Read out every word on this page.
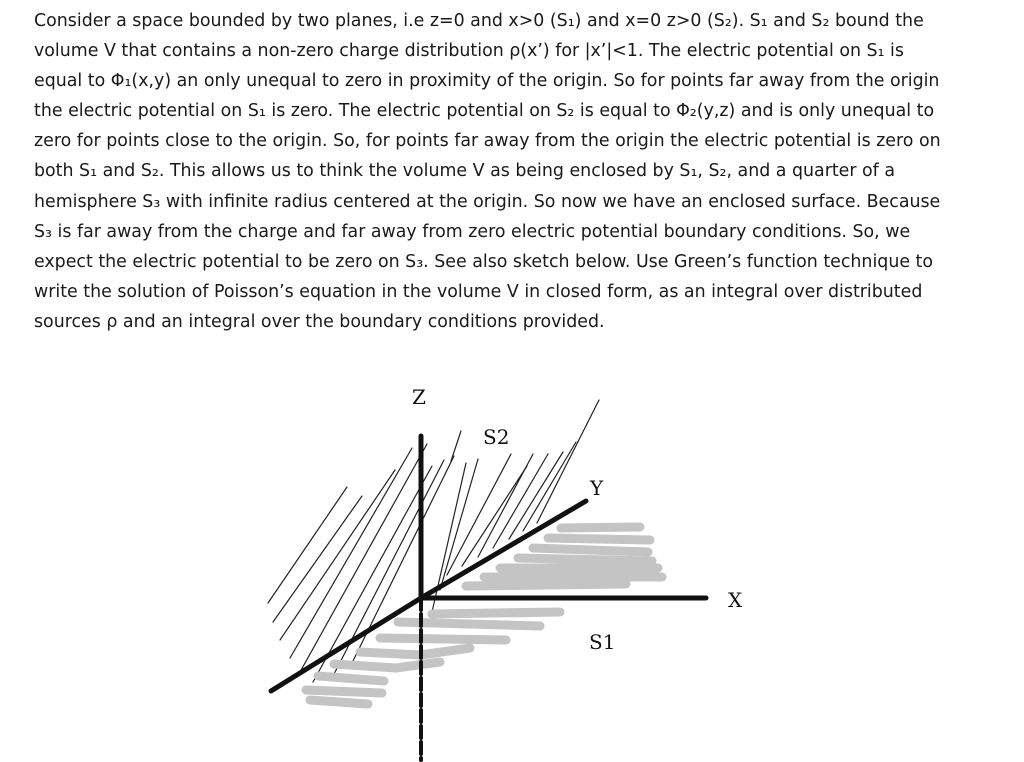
Consider a space bounded by two planes, i.e z=0 and x>0 (S₁) and x=0 z>0 (S₂). S₁ and S₂ bound the
volume V that contains a non-zero charge distribution ρ(x’) for |x’|<1. The electric potential on S₁ is
equal to Φ₁(x,y) an only unequal to zero in proximity of the origin. So for points far away from the origin
the electric potential on S₁ is zero. The electric potential on S₂ is equal to Φ₂(y,z) and is only unequal to
zero for points close to the origin. So, for points far away from the origin the electric potential is zero on
both S₁ and S₂. This allows us to think the volume V as being enclosed by S₁, S₂, and a quarter of a
hemisphere S₃ with infinite radius centered at the origin. So now we have an enclosed surface. Because
S₃ is far away from the charge and far away from zero electric potential boundary conditions. So, we
expect the electric potential to be zero on S₃. See also sketch below. Use Green’s function technique to
write the solution of Poisson’s equation in the volume V in closed form, as an integral over distributed
sources ρ and an integral over the boundary conditions provided.
Z
S2
Y
X
S1
